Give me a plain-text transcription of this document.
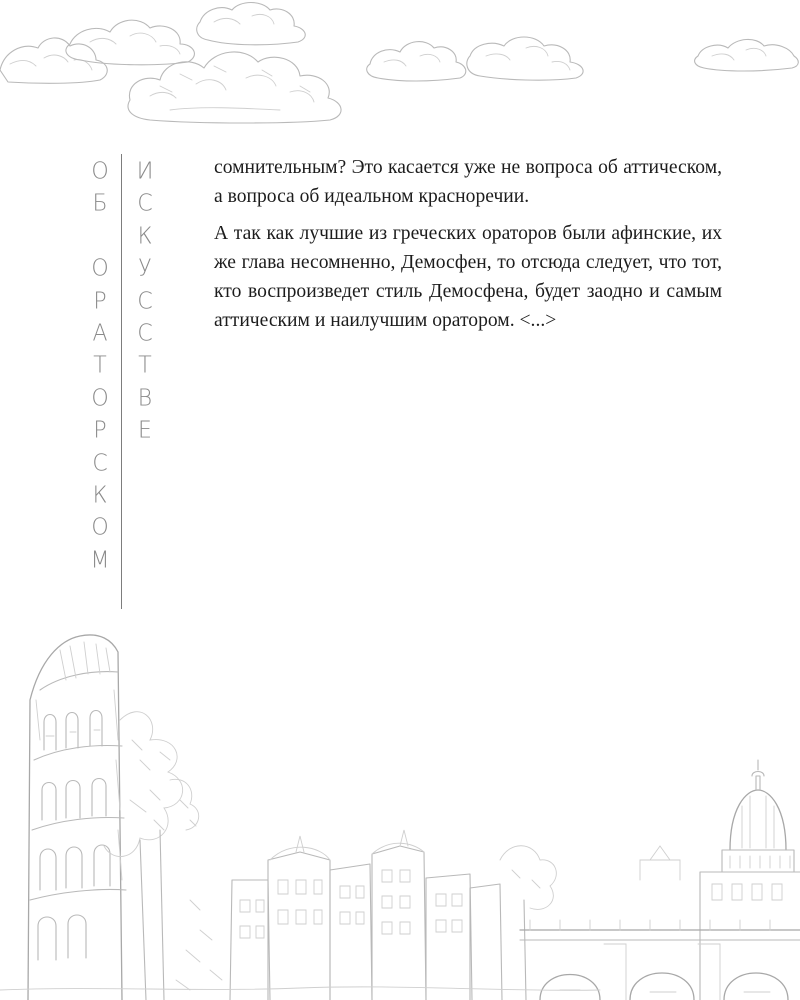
О
Б
О
Р
А
Т
О
Р
С
К
О
М
И
С
К
У
С
С
Т
В
Е

сомнительным? Это касается уже не вопроса об аттическом,
а вопроса об идеальном красноречии.

А так как лучшие из греческих ораторов были афинские, их
же глава несомненно, Демосфен, то отсюда следует, что тот,
кто воспроизведет стиль Демосфена, будет заодно и самым
аттическим и наилучшим оратором. <...>
